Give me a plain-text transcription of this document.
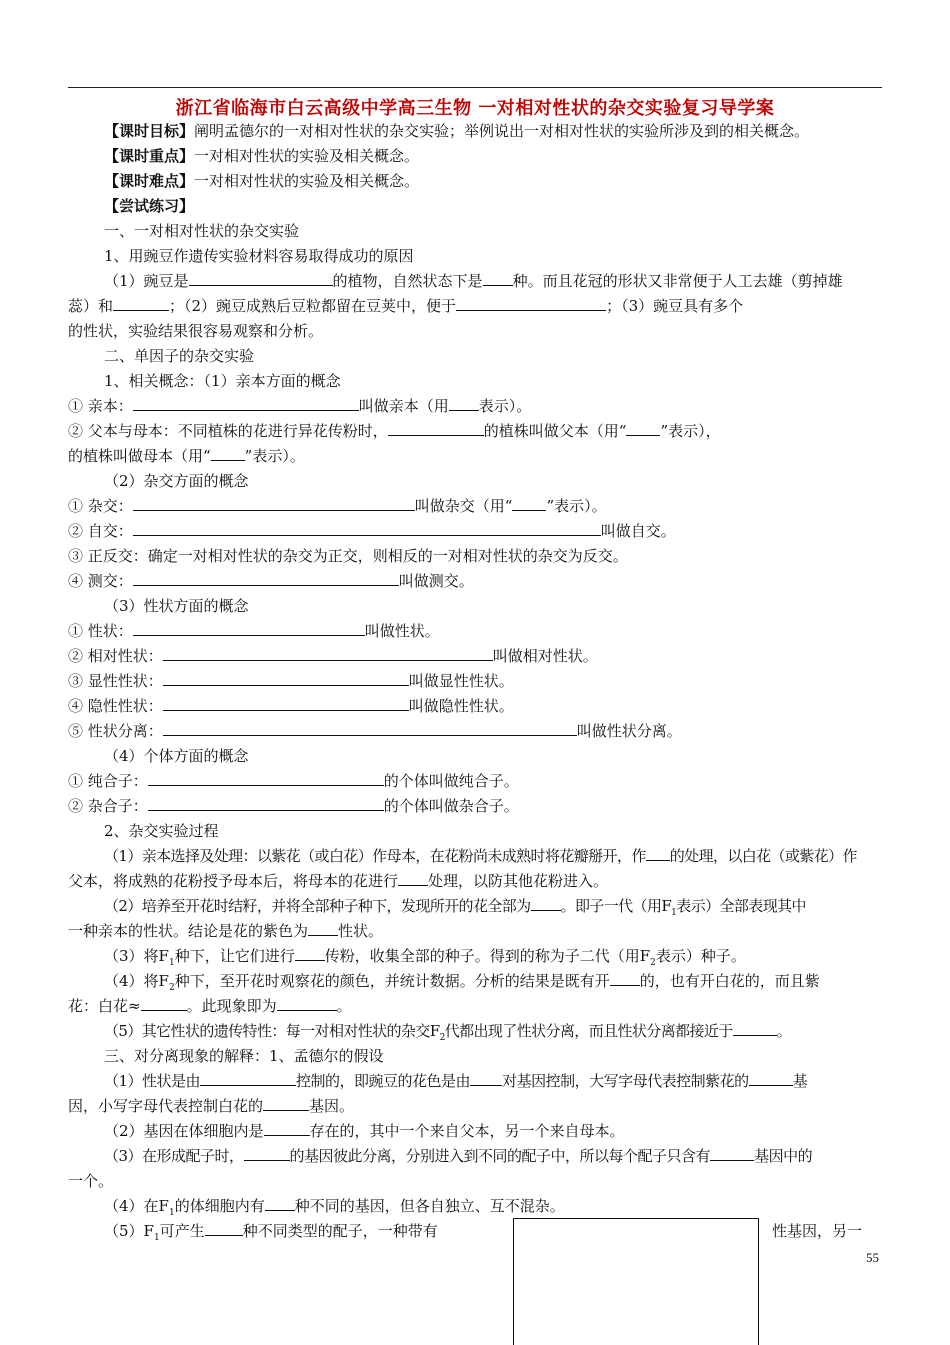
浙江省临海市白云高级中学高三生物 一对相对性状的杂交实验复习导学案
【课时目标】阐明孟德尔的一对相对性状的杂交实验；举例说出一对相对性状的实验所涉及到的相关概念。
【课时重点】一对相对性状的实验及相关概念。
【课时难点】一对相对性状的实验及相关概念。
【尝试练习】
一、一对相对性状的杂交实验
1、用豌豆作遗传实验材料容易取得成功的原因
（1）豌豆是	的植物，自然状态下是 种。而且花冠的形状又非常便于人工去雄（剪掉雄
蕊）和	；（2）豌豆成熟后豆粒都留在豆荚中，便于	；（3）豌豆具有多个
的性状，实验结果很容易观察和分析。
二、单因子的杂交实验
1、相关概念：（1）亲本方面的概念
① 亲本：	叫做亲本（用 表示）。
② 父本与母本：不同植株的花进行异花传粉时，	的植株叫做父本（用“ ”表示），
的植株叫做母本（用“ ”表示）。
（2）杂交方面的概念
① 杂交：	叫做杂交（用“ ”表示）。
② 自交：	叫做自交。
③ 正反交：确定一对相对性状的杂交为正交，则相反的一对相对性状的杂交为反交。
④ 测交：	叫做测交。
（3）性状方面的概念
① 性状：	叫做性状。
② 相对性状：	叫做相对性状。
③ 显性性状：	叫做显性性状。
④ 隐性性状：	叫做隐性性状。
⑤ 性状分离：	叫做性状分离。
（4）个体方面的概念
① 纯合子：	的个体叫做纯合子。
② 杂合子：	的个体叫做杂合子。
2、杂交实验过程
（1）亲本选择及处理：以紫花（或白花）作母本，在花粉尚未成熟时将花瓣掰开，作 的处理，以白花（或紫花）作
父本，将成熟的花粉授予母本后，将母本的花进行 处理，以防其他花粉进入。
（2）培养至开花时结籽，并将全部种子种下，发现所开的花全部为 。即子一代（用$F_1$表示）全部表现其中
一种亲本的性状。结论是花的紫色为 性状。
（3）将$F_1$种下，让它们进行 传粉，收集全部的种子。得到的称为子二代（用$F_2$表示）种子。
（4）将$F_2$种下，至开花时观察花的颜色，并统计数据。分析的结果是既有开 的，也有开白花的，而且紫
花：白花≈	。此现象即为	。
（5）其它性状的遗传特性：每一对相对性状的杂交$F_2$代都出现了性状分离，而且性状分离都接近于	。
三、对分离现象的解释：1、孟德尔的假设
（1）性状是由	控制的，即豌豆的花色是由 对基因控制，大写字母代表控制紫花的	基
因，小写字母代表控制白花的	基因。
（2）基因在体细胞内是	存在的，其中一个来自父本，另一个来自母本。
（3）在形成配子时，	的基因彼此分离，分别进入到不同的配子中，所以每个配子只含有	基因中的
一个。
（4）在$F_1$的体细胞内有 种不同的基因，但各自独立、互不混杂。
$(5)F_1$可产生	种不同类型的配子，一种带有	性基因，另一
55
